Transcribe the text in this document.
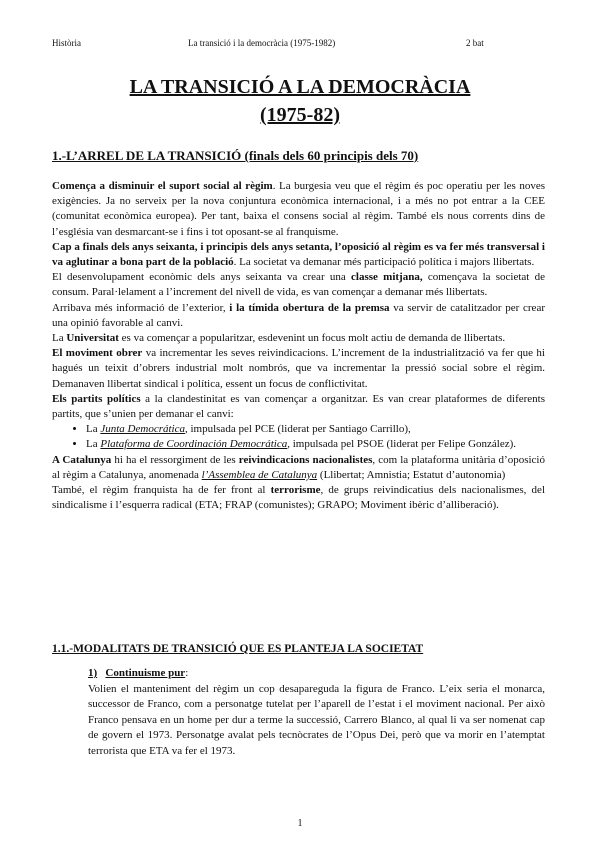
Història	La transició i la democràcia (1975-1982)	2 bat
LA TRANSICIÓ A LA DEMOCRÀCIA
(1975-82)
1.-L’ARREL DE LA TRANSICIÓ (finals dels 60 principis dels 70)

Comença a disminuir el suport social al règim. La burgesia veu que el règim és poc operatiu per les noves exigències. Ja no serveix per la nova conjuntura econòmica internacional, i a més no pot entrar a la CEE (comunitat econòmica europea). Per tant, baixa el consens social al règim. També els nous corrents dins de l’església van desmarcant-se i fins i tot oposant-se al franquisme.

Cap a finals dels anys seixanta, i principis dels anys setanta, l’oposició al règim es va fer més transversal i va aglutinar a bona part de la població. La societat va demanar més participació política i majors llibertats.

El desenvolupament econòmic dels anys seixanta va crear una classe mitjana, començava la societat de consum. Paral·lelament a l’increment del nivell de vida, es van començar a demanar més llibertats.

Arribava més informació de l’exterior, i la tímida obertura de la premsa va servir de catalitzador per crear una opinió favorable al canvi.

La Universitat es va començar a popularitzar, esdevenint un focus molt actiu de demanda de llibertats.

El moviment obrer va incrementar les seves reivindicacions. L’increment de la industrialització va fer que hi hagués un teixit d’obrers industrial molt nombrós, que va incrementar la pressió social sobre el règim. Demanaven llibertat sindical i política, essent un focus de conflictivitat.

Els partits polítics a la clandestinitat es van començar a organitzar. Es van crear plataformes de diferents partits, que s’unien per demanar el canvi:

• La Junta Democrática, impulsada pel PCE (liderat per Santiago Carrillo),
• La Plataforma de Coordinación Democrática, impulsada pel PSOE (liderat per Felipe González).

A Catalunya hi ha el ressorgiment de les reivindicacions nacionalistes, com la plataforma unitària d’oposició al règim a Catalunya, anomenada l’Assemblea de Catalunya (Llibertat; Amnistia; Estatut d’autonomia)

També, el règim franquista ha de fer front al terrorisme, de grups reivindicatius dels nacionalismes, del sindicalisme i l’esquerra radical (ETA; FRAP (comunistes); GRAPO; Moviment ibèric d’alliberació).

1.1.-MODALITATS DE TRANSICIÓ QUE ES PLANTEJA LA SOCIETAT
1) Continuisme pur:
Volien el manteniment del règim un cop desapareguda la figura de Franco. L’eix seria el monarca, successor de Franco, com a personatge tutelat per l’aparell de l’estat i el moviment nacional. Per això Franco pensava en un home per dur a terme la successió, Carrero Blanco, al qual li va ser nomenat cap de govern el 1973. Personatge avalat pels tecnòcrates de l’Opus Dei, però que va morir en l’atemptat terrorista que ETA va fer el 1973.
1
